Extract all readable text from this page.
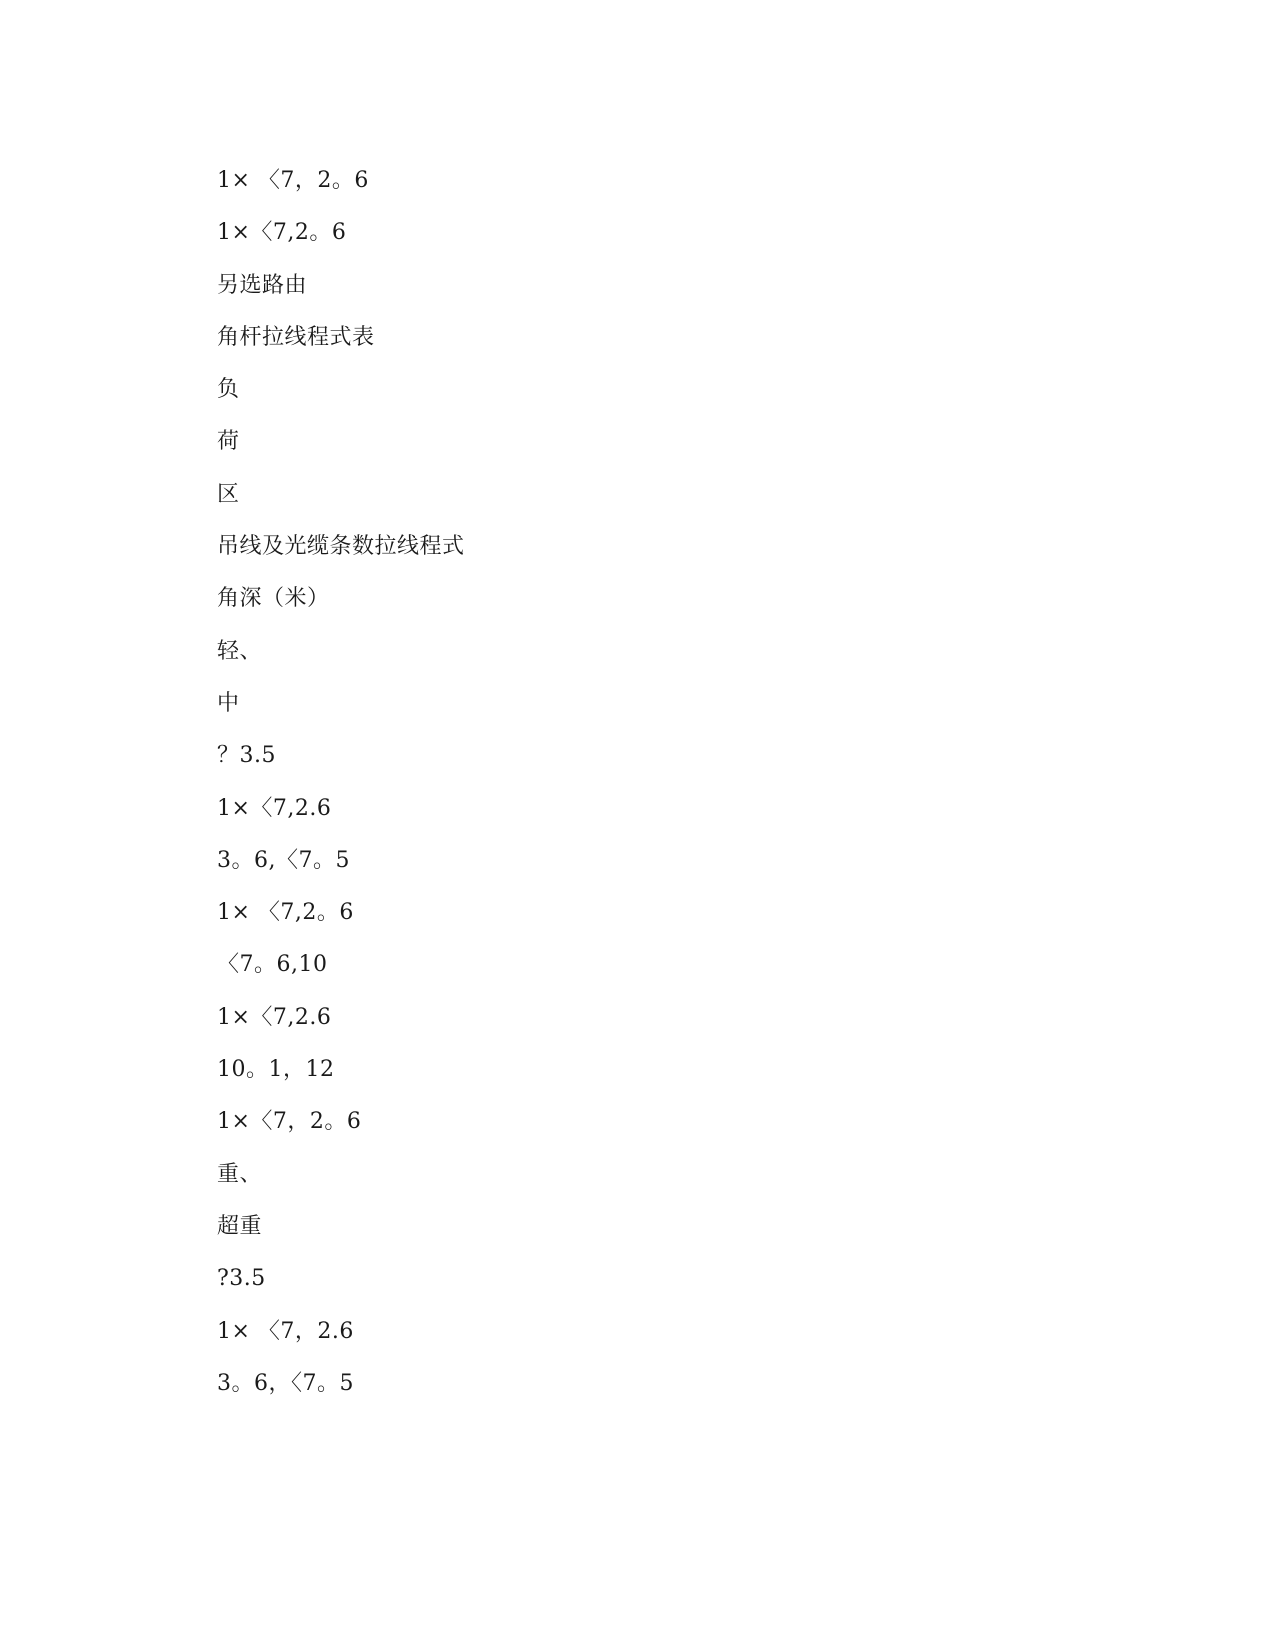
1× 〈7，2。6
1×〈7,2。6
另选路由
角杆拉线程式表
负
荷
区
吊线及光缆条数拉线程式
角深（米）
轻、
中
？3.5
1×〈7,2.6
3。6,〈7。5
1× 〈7,2。6
〈7。6,10
1×〈7,2.6
10。1，12
1×〈7，2。6
重、
超重
?3.5
1× 〈7，2.6
3。6，〈7。5
